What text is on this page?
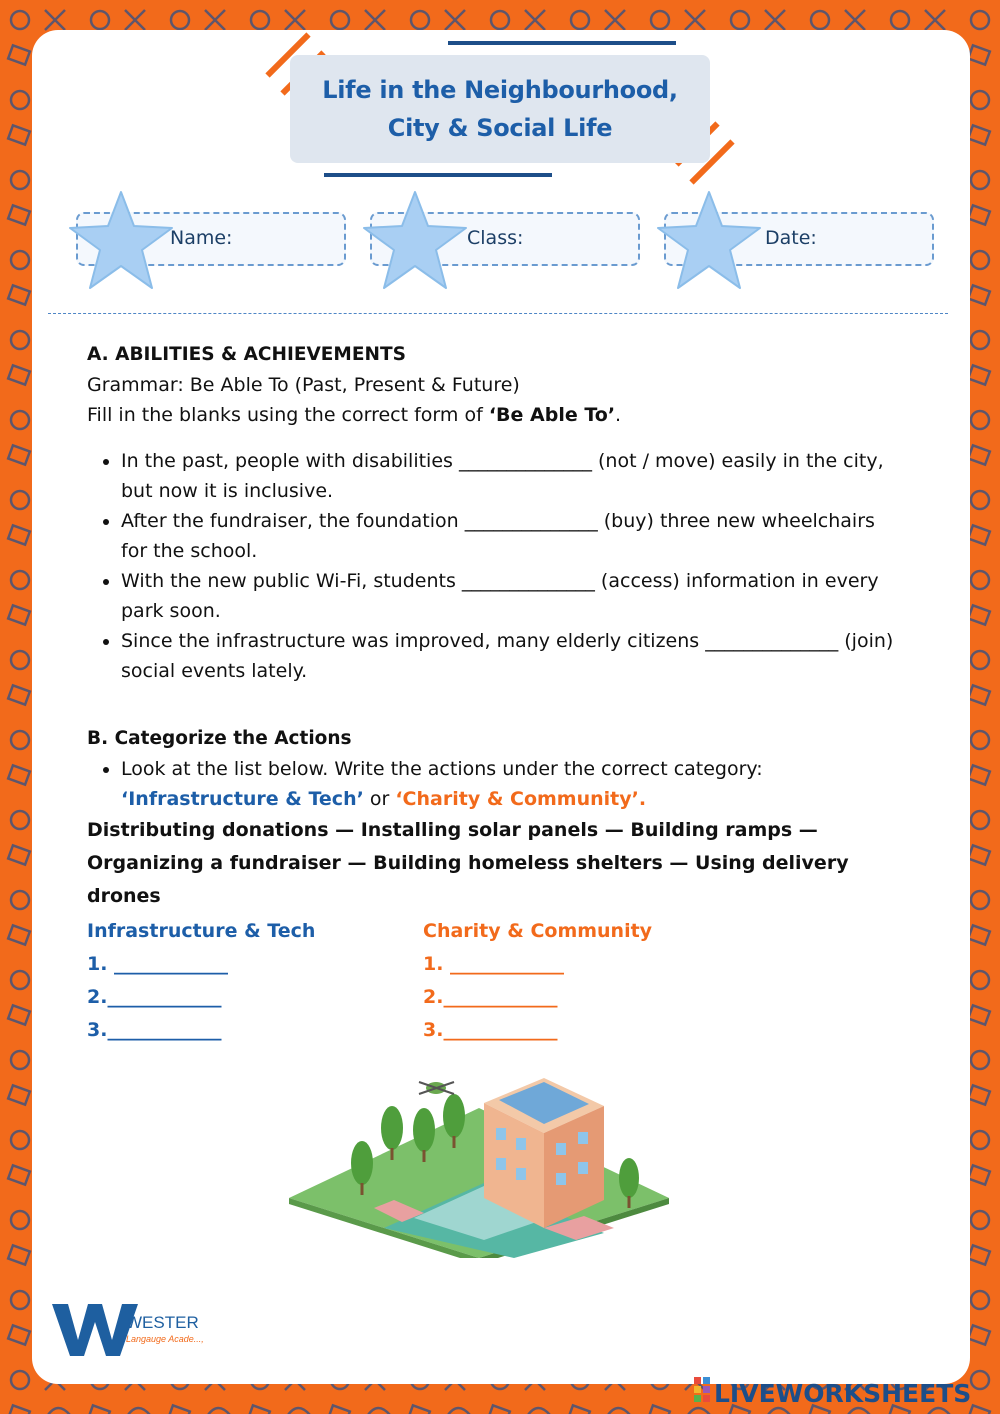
Life in the Neighbourhood,
City & Social Life
Name:	Class:	Date:

A. ABILITIES & ACHIEVEMENTS

Grammar: Be Able To (Past, Present & Future)

Fill in the blanks using the correct form of ‘Be Able To’.

• In the past, people with disabilities ______________ (not / move) easily in the city, but now it is inclusive.
• After the fundraiser, the foundation ______________ (buy) three new wheelchairs for the school.
• With the new public Wi-Fi, students ______________ (access) information in every park soon.
• Since the infrastructure was improved, many elderly citizens ______________ (join) social events lately.

B. Categorize the Actions

• Look at the list below. Write the actions under the correct category:
‘Infrastructure & Tech’ or ‘Charity & Community’.

Distributing donations — Installing solar panels — Building ramps — Organizing a fundraiser — Building homeless shelters — Using delivery drones

Infrastructure & Tech
1. ____________
2.____________
3.____________
Charity & Community
1. ____________
2.____________
3.____________
WESTER
Langauge Acade...,
LIVEWORKSHEETS
